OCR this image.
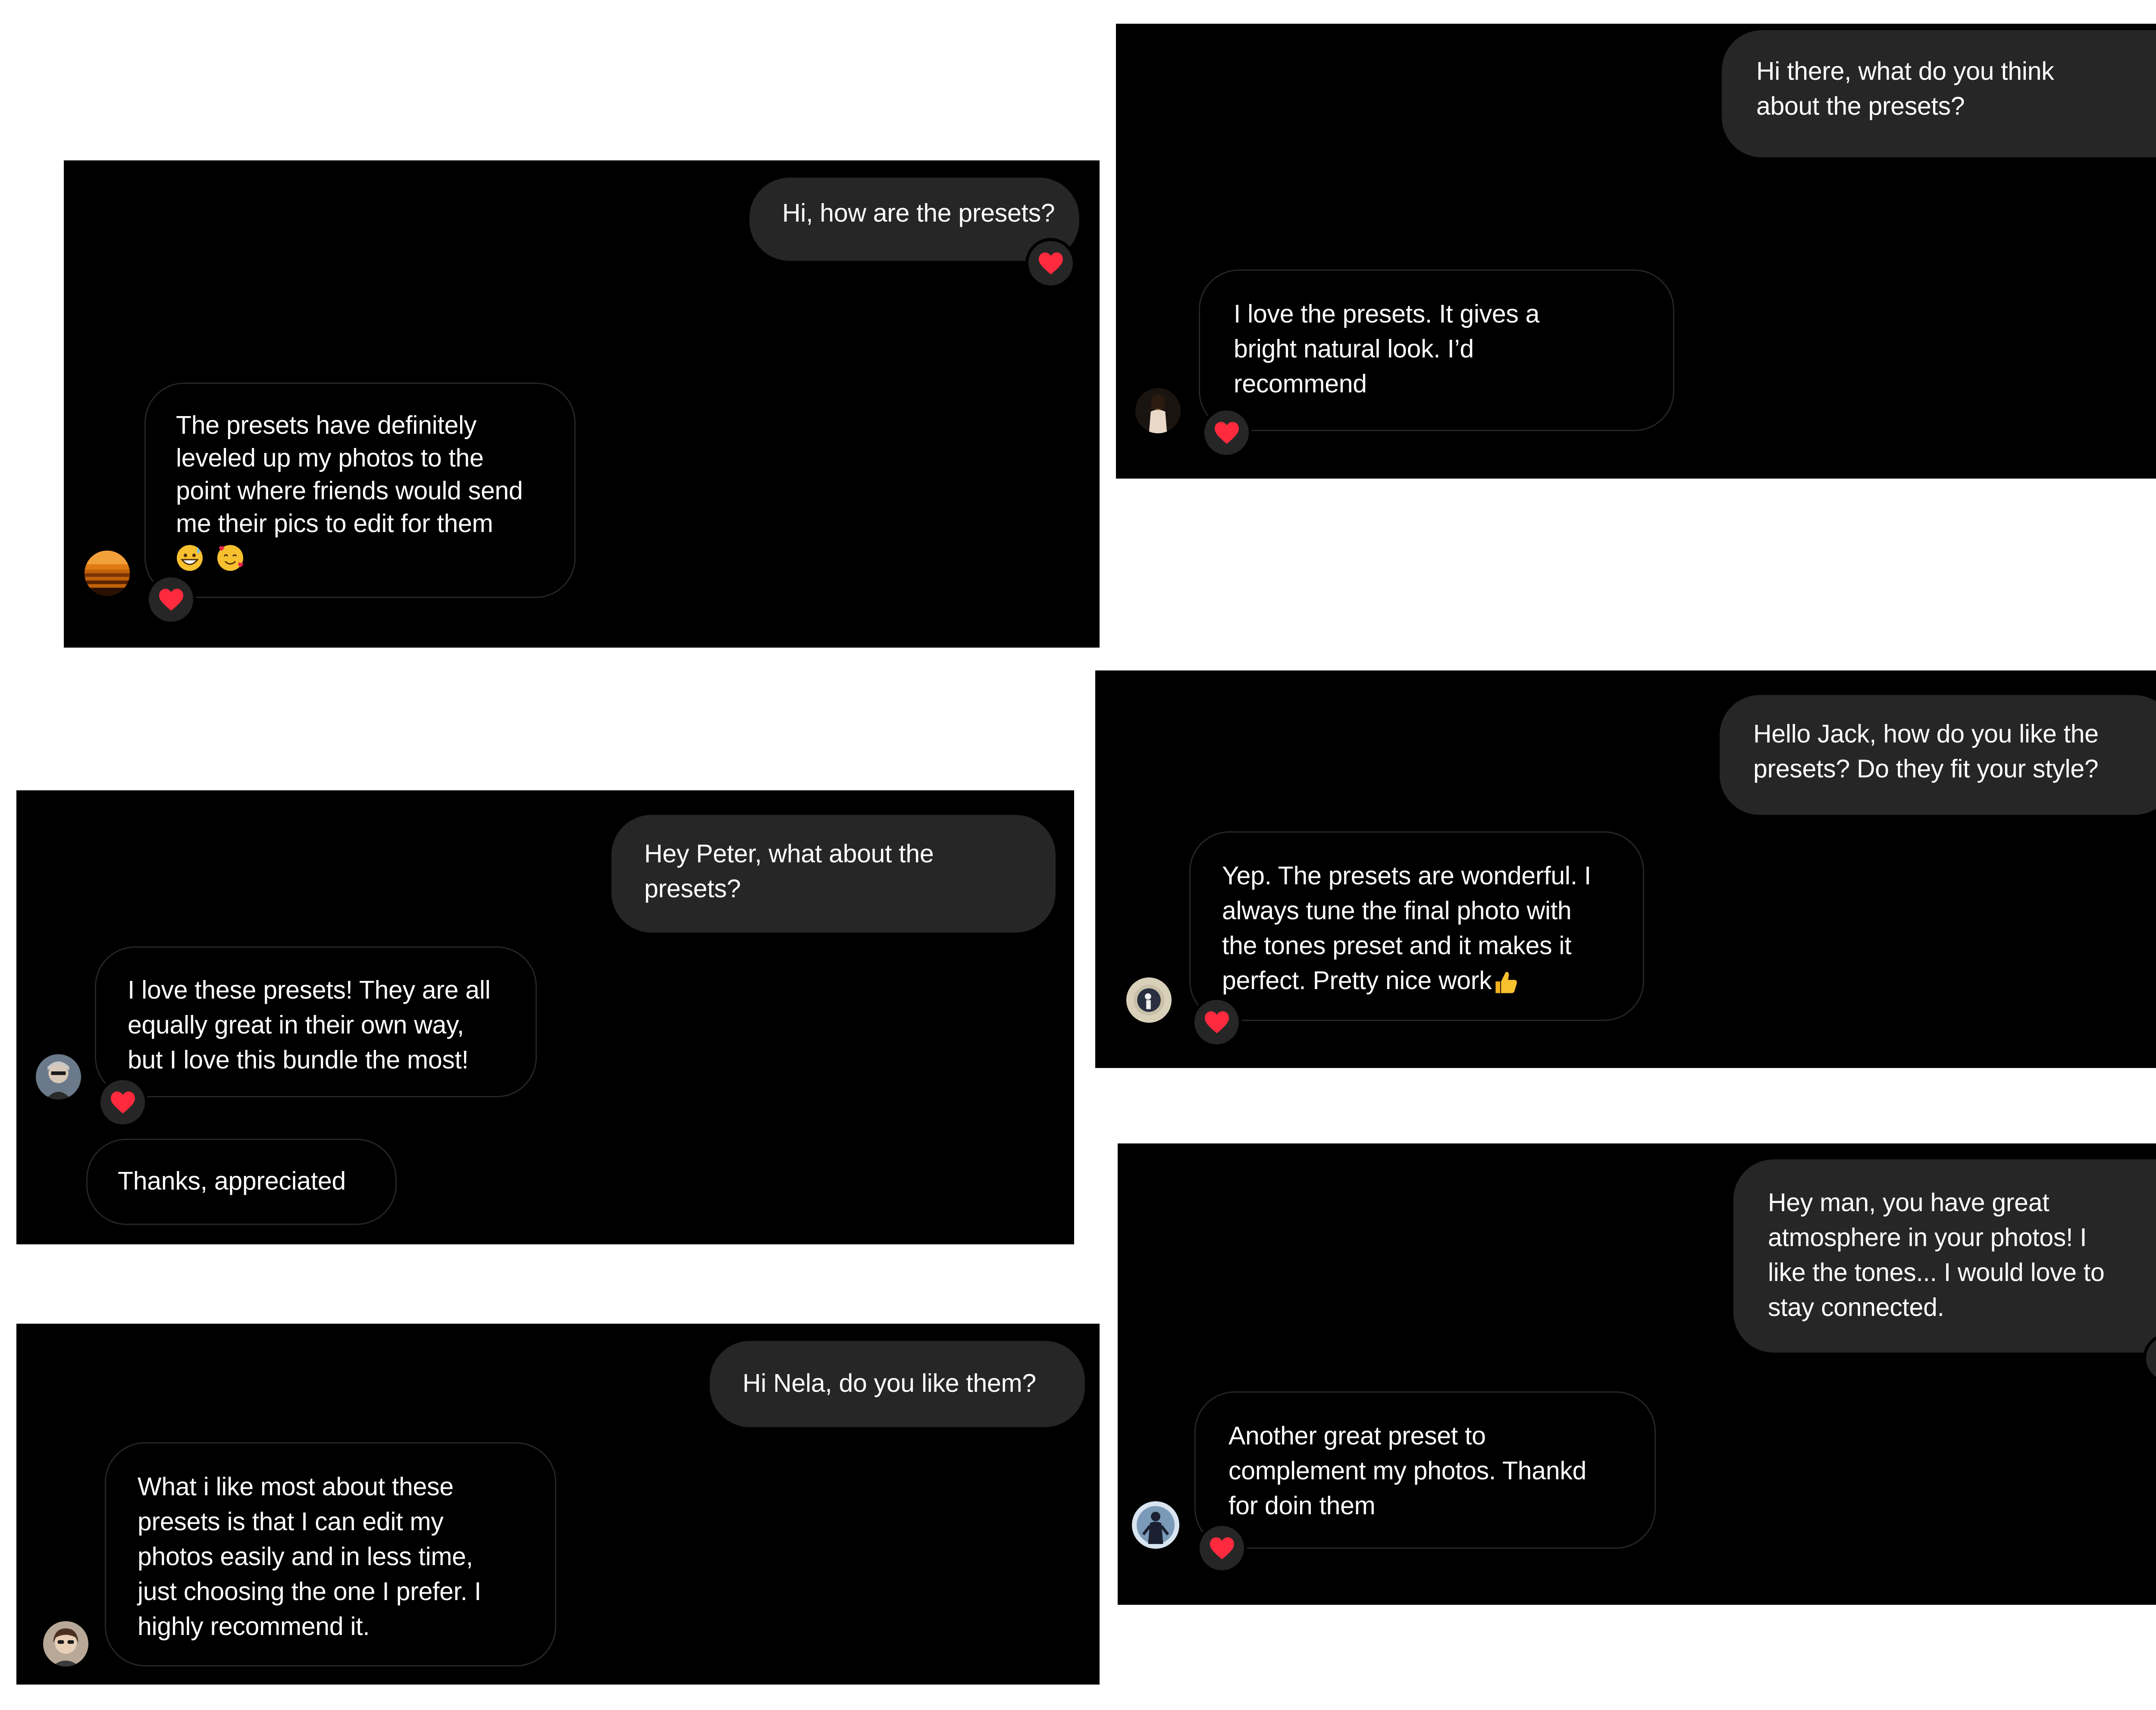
Hi, how are the presets?
The presets have definitely
leveled up my photos to the
point where friends would send
me their pics to edit for them

Hi there, what do you think
about the presets?
I love the presets. It gives a
bright natural look. I’d
recommend
Hey Peter, what about the
presets?
I love these presets! They are all
equally great in their own way,
but I love this bundle the most!
Thanks, appreciated
Hello Jack, how do you like the
presets? Do they fit your style?
Yep. The presets are wonderful. I
always tune the final photo with
the tones preset and it makes it
perfect. Pretty nice work
Hi Nela, do you like them?
What i like most about these
presets is that I can edit my
photos easily and in less time,
just choosing the one I prefer. I
highly recommend it.
Hey man, you have great
atmosphere in your photos! I
like the tones... I would love to
stay connected.
Another great preset to
complement my photos. Thankd
for doin them
